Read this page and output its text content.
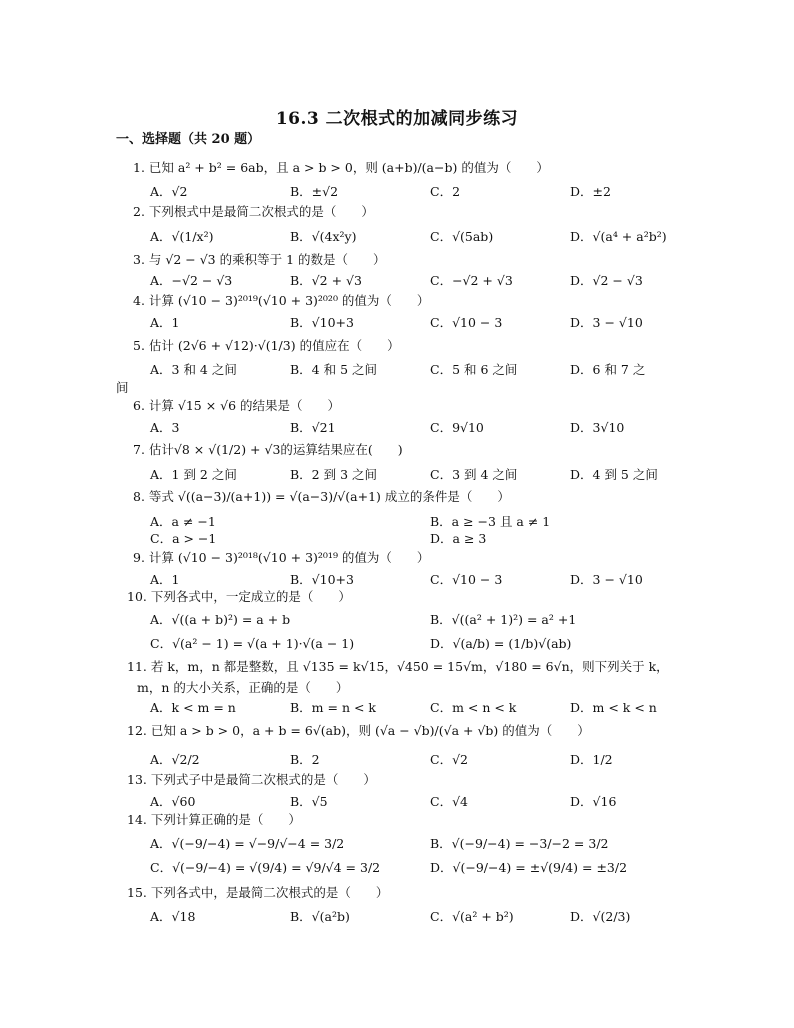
16.3 二次根式的加减同步练习
一、选择题（共 20 题）
1. 已知 a² + b² = 6ab，且 a > b > 0，则 (a+b)/(a−b) 的值为（　　）
A．√2	B．±√2	C．2	D．±2
2. 下列根式中是最简二次根式的是（　　）
A．√(1/x²)	B．√(4x²y)	C．√(5ab)	D．√(a⁴ + a²b²)
3. 与 √2 − √3 的乘积等于 1 的数是（　　）
A．−√2 − √3	B．√2 + √3	C．−√2 + √3	D．√2 − √3
4. 计算 (√10 − 3)²⁰¹⁹(√10 + 3)²⁰²⁰ 的值为（　　）
A．1	B．√10+3	C．√10 − 3	D．3 − √10
5. 估计 (2√6 + √12)·√(1/3) 的值应在（　　）
A．3 和 4 之间	B．4 和 5 之间	C．5 和 6 之间	D．6 和 7 之
间
6. 计算 √15 × √6 的结果是（　　）
A．3	B．√21	C．9√10	D．3√10
7. 估计√8 × √(1/2) + √3的运算结果应在(　　)
A．1 到 2 之间	B．2 到 3 之间	C．3 到 4 之间	D．4 到 5 之间
8. 等式 √((a−3)/(a+1)) = √(a−3)/√(a+1) 成立的条件是（　　）
A．a ≠ −1	B．a ≥ −3 且 a ≠ 1
C．a > −1	D．a ≥ 3
9. 计算 (√10 − 3)²⁰¹⁸(√10 + 3)²⁰¹⁹ 的值为（　　）
A．1	B．√10+3	C．√10 − 3	D．3 − √10
10. 下列各式中，一定成立的是（　　）
A．√((a + b)²) = a + b	B．√((a² + 1)²) = a² +1
C．√(a² − 1) = √(a + 1)·√(a − 1)	D．√(a/b) = (1/b)√(ab)
11. 若 k，m，n 都是整数，且 √135 = k√15，√450 = 15√m，√180 = 6√n，则下列关于 k，
m，n 的大小关系，正确的是（　　）
A．k < m = n	B．m = n < k	C．m < n < k	D．m < k < n
12. 已知 a > b > 0，a + b = 6√(ab)，则 (√a − √b)/(√a + √b) 的值为（　　）
A．√2/2	B．2	C．√2	D．1/2
13. 下列式子中是最简二次根式的是（　　）
A．√60	B．√5	C．√4	D．√16
14. 下列计算正确的是（　　）
A．√(−9/−4) = √−9/√−4 = 3/2	B．√(−9/−4) = −3/−2 = 3/2
C．√(−9/−4) = √(9/4) = √9/√4 = 3/2	D．√(−9/−4) = ±√(9/4) = ±3/2
15. 下列各式中，是最简二次根式的是（　　）
A．√18	B．√(a²b)	C．√(a² + b²)	D．√(2/3)
